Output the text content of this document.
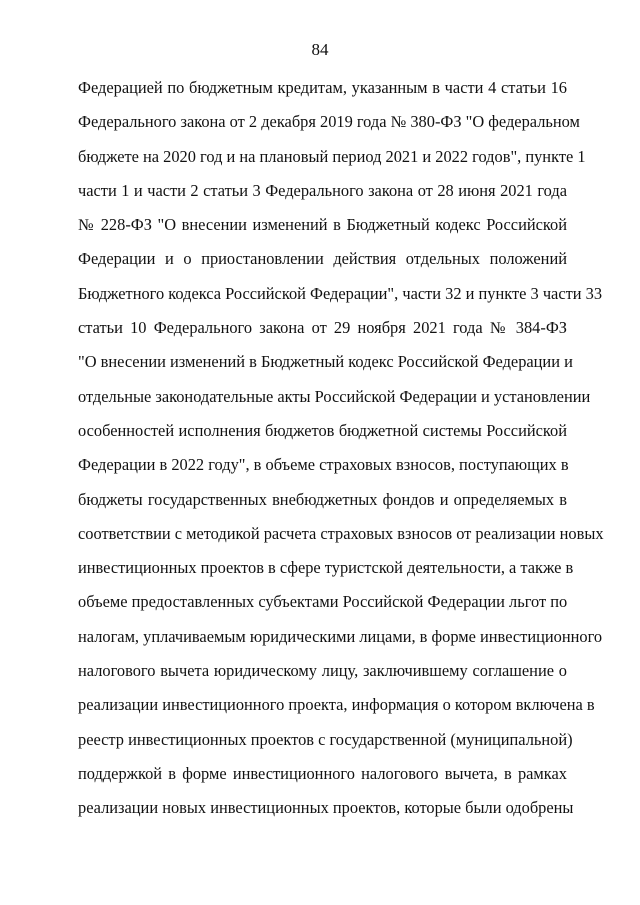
84
Федерацией по бюджетным кредитам, указанным в части 4 статьи 16
Федерального закона от 2 декабря 2019 года № 380-ФЗ "О федеральном
бюджете на 2020 год и на плановый период 2021 и 2022 годов", пункте 1
части 1 и части 2 статьи 3 Федерального закона от 28 июня 2021 года
№ 228-ФЗ "О внесении изменений в Бюджетный кодекс Российской
Федерации и о приостановлении действия отдельных положений
Бюджетного кодекса Российской Федерации", части 32 и пункте 3 части 33
статьи 10 Федерального закона от 29 ноября 2021 года № 384-ФЗ
"О внесении изменений в Бюджетный кодекс Российской Федерации и
отдельные законодательные акты Российской Федерации и установлении
особенностей исполнения бюджетов бюджетной системы Российской
Федерации в 2022 году", в объеме страховых взносов, поступающих в
бюджеты государственных внебюджетных фондов и определяемых в
соответствии с методикой расчета страховых взносов от реализации новых
инвестиционных проектов в сфере туристской деятельности, а также в
объеме предоставленных субъектами Российской Федерации льгот по
налогам, уплачиваемым юридическими лицами, в форме инвестиционного
налогового вычета юридическому лицу, заключившему соглашение о
реализации инвестиционного проекта, информация о котором включена в
реестр инвестиционных проектов с государственной (муниципальной)
поддержкой в форме инвестиционного налогового вычета, в рамках
реализации новых инвестиционных проектов, которые были одобрены
